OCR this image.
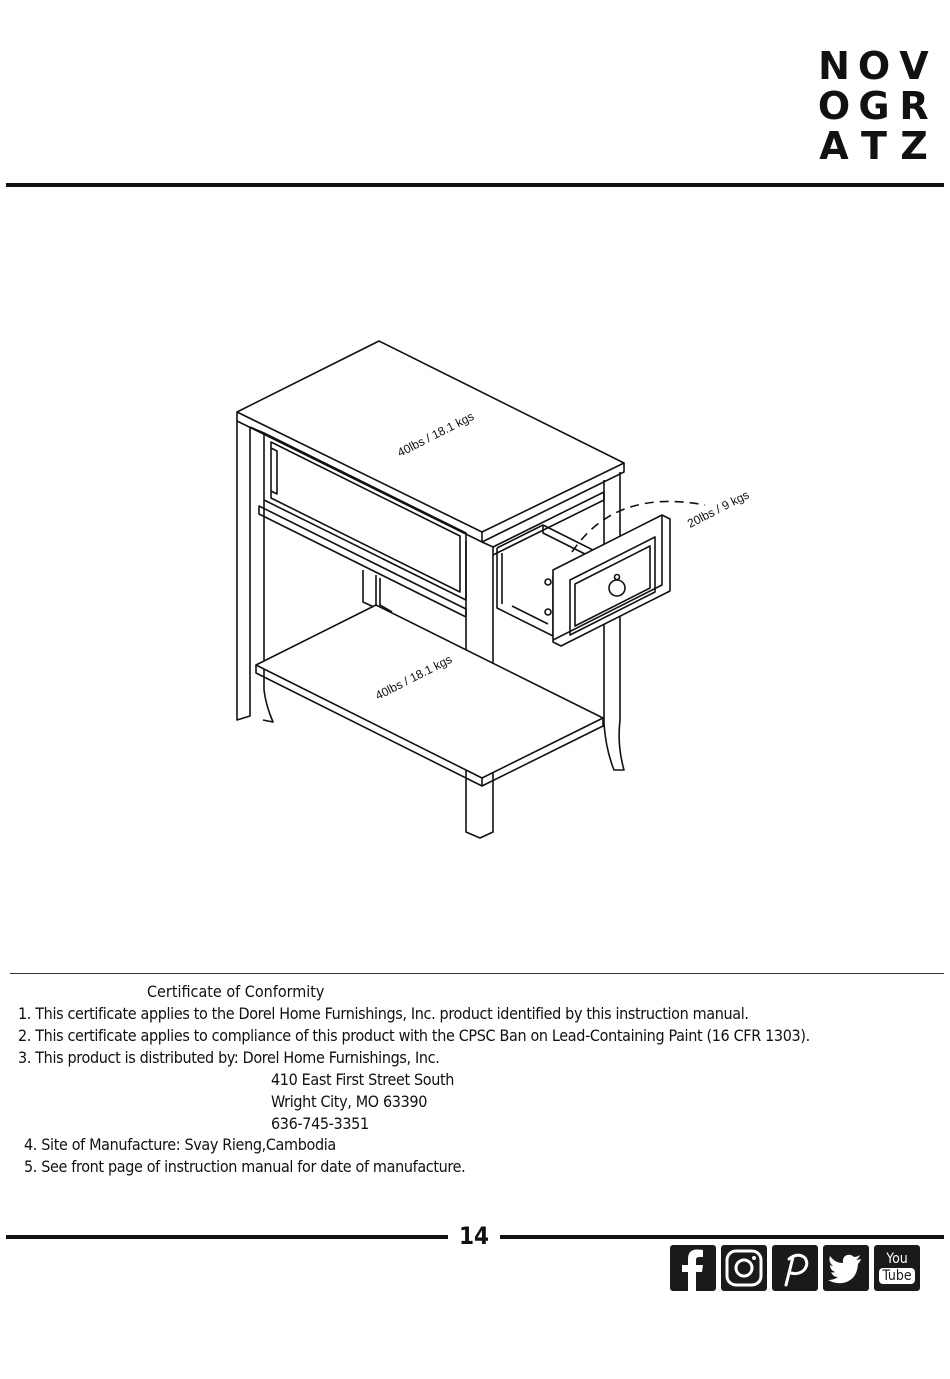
N O V
O G R
A T Z
40lbs / 18.1 kgs
20lbs / 9 kgs
40lbs / 18.1 kgs
Certificate of Conformity
1. This certificate applies to the Dorel Home Furnishings, Inc. product identified by this instruction manual.
2. This certificate applies to compliance of this product with the CPSC Ban on Lead-Containing Paint (16 CFR 1303).
3. This product is distributed by: Dorel Home Furnishings, Inc.
410 East First Street South
Wright City, MO 63390
636-745-3351
4. Site of Manufacture: Svay Rieng,Cambodia
5. See front page of instruction manual for date of manufacture.
14
You
Tube
